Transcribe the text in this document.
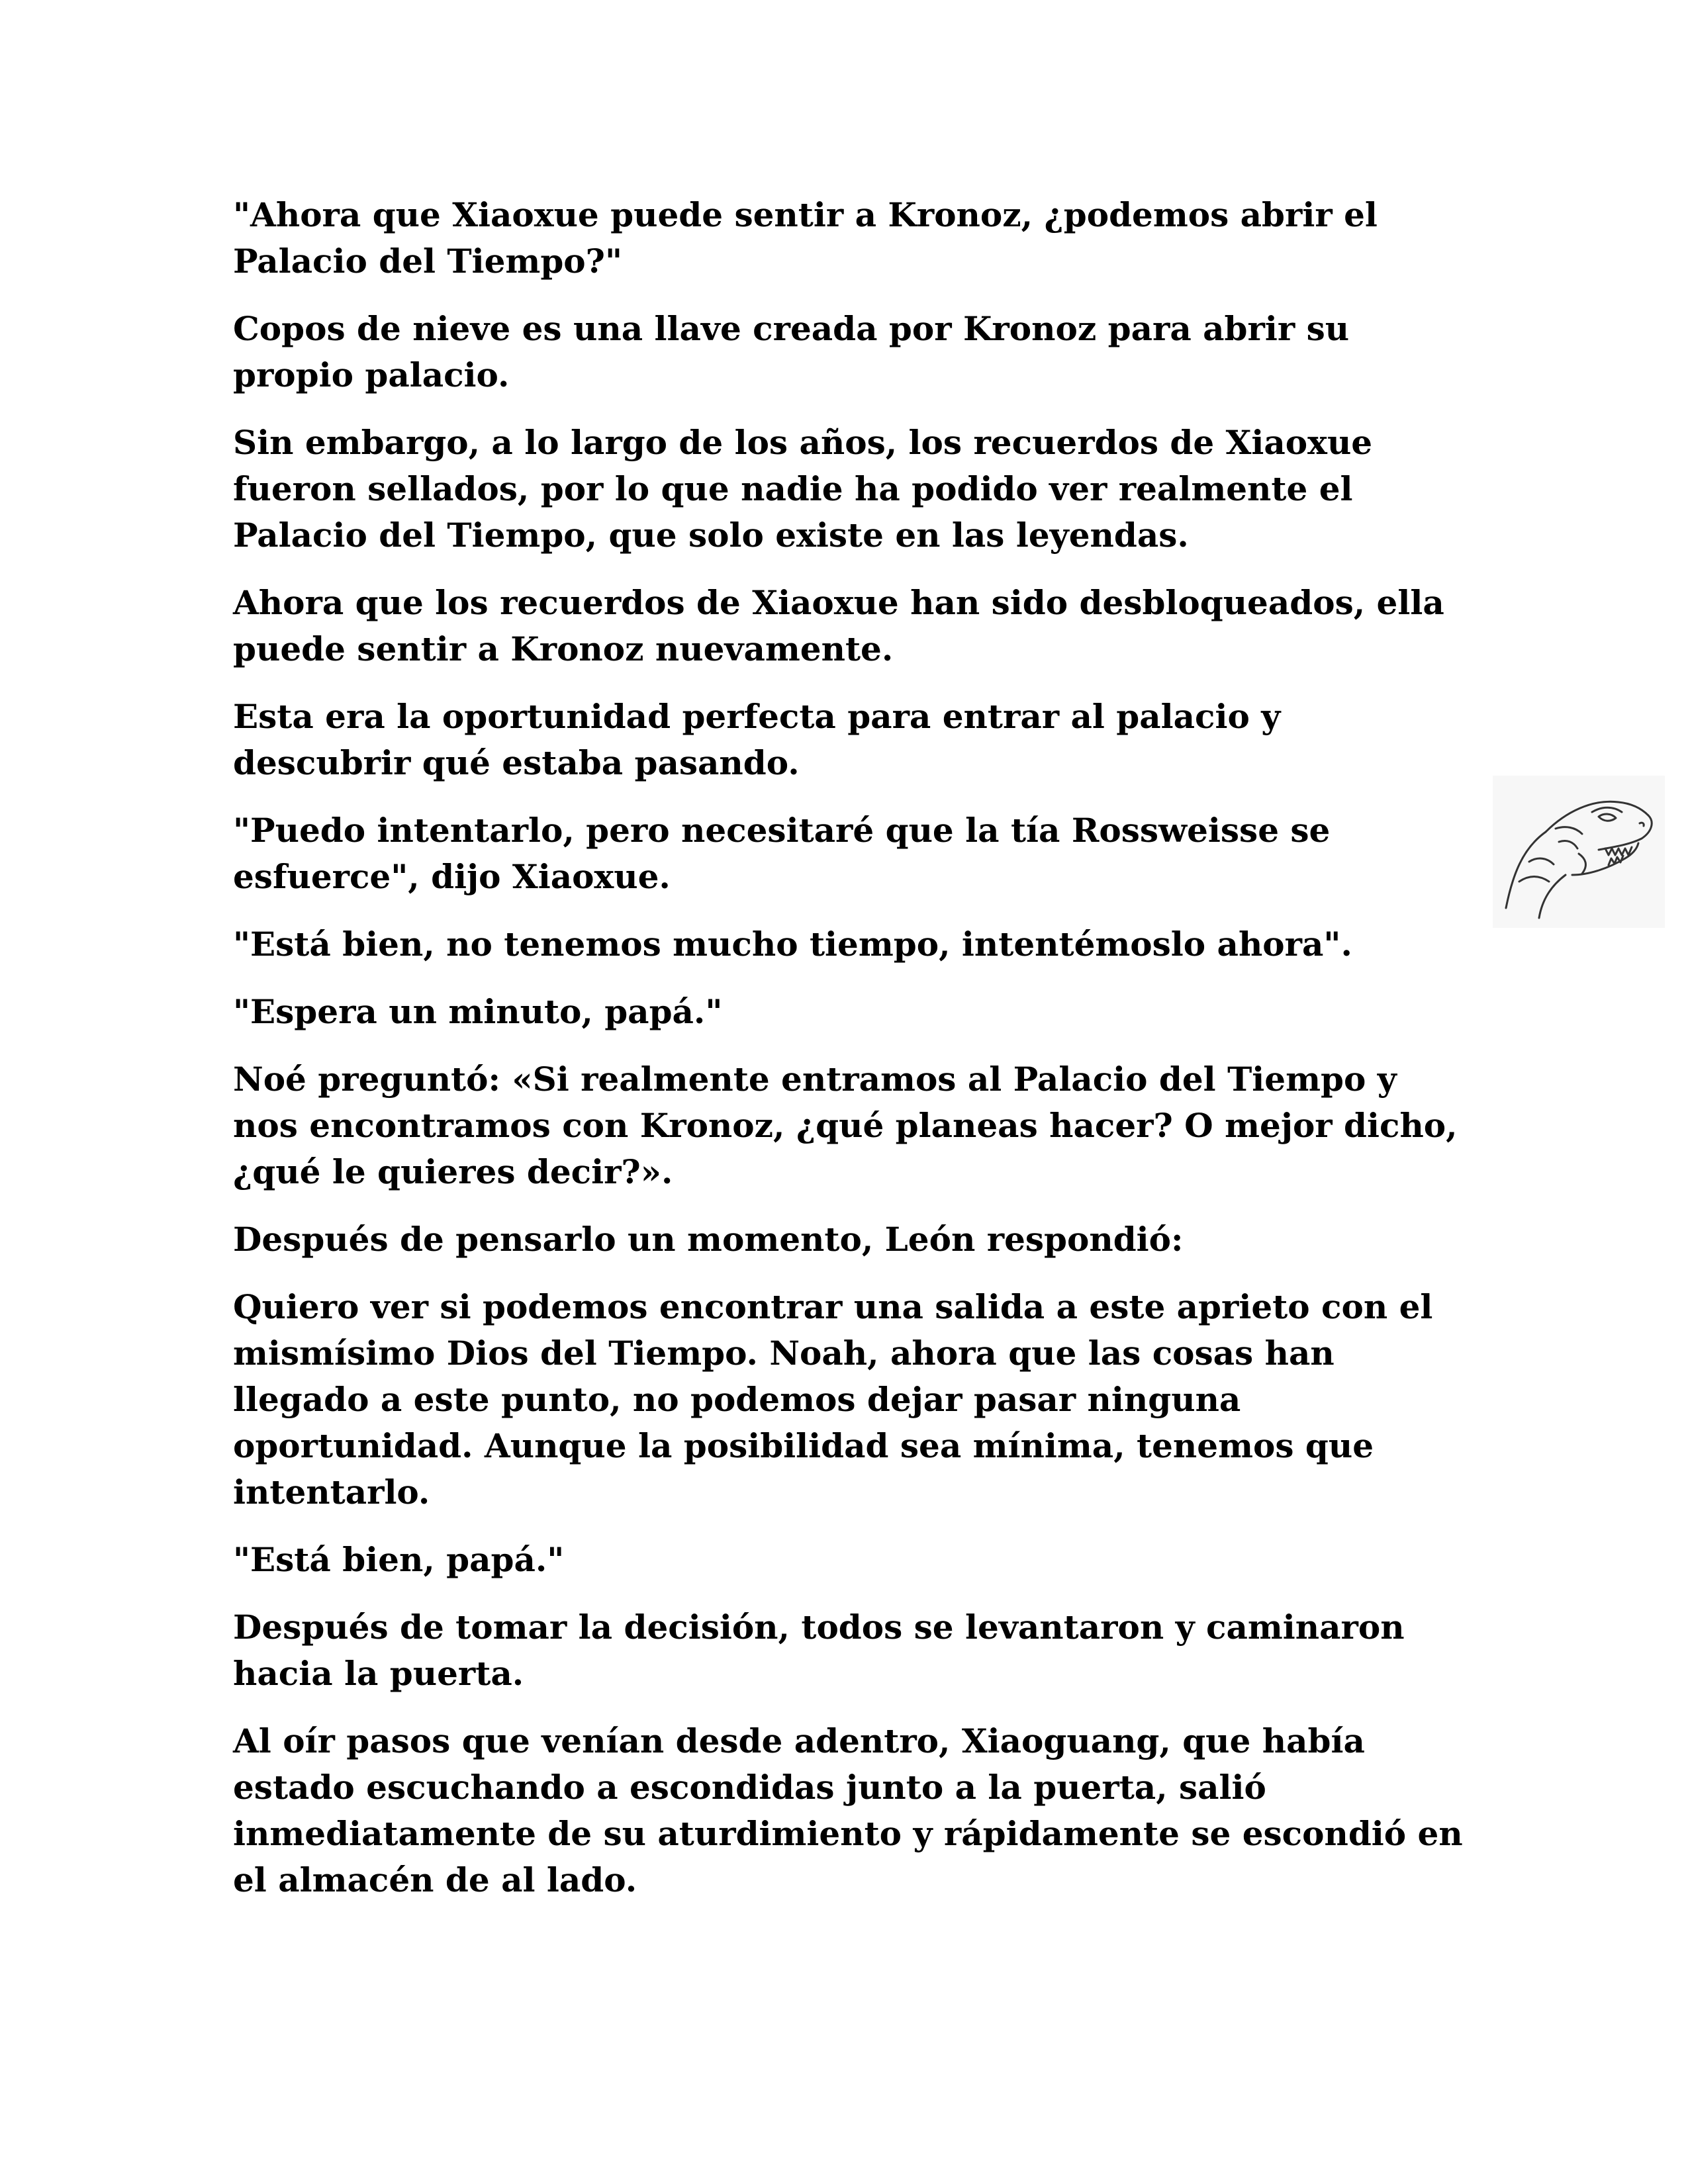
"Ahora que Xiaoxue puede sentir a Kronoz, ¿podemos abrir el Palacio del Tiempo?"

Copos de nieve es una llave creada por Kronoz para abrir su propio palacio.

Sin embargo, a lo largo de los años, los recuerdos de Xiaoxue fueron sellados, por lo que nadie ha podido ver realmente el Palacio del Tiempo, que solo existe en las leyendas.

Ahora que los recuerdos de Xiaoxue han sido desbloqueados, ella puede sentir a Kronoz nuevamente.

Esta era la oportunidad perfecta para entrar al palacio y descubrir qué estaba pasando.

"Puedo intentarlo, pero necesitaré que la tía Rossweisse se esfuerce", dijo Xiaoxue.

"Está bien, no tenemos mucho tiempo, intentémoslo ahora".

"Espera un minuto, papá."

Noé preguntó: «Si realmente entramos al Palacio del Tiempo y nos encontramos con Kronoz, ¿qué planeas hacer? O mejor dicho, ¿qué le quieres decir?».

Después de pensarlo un momento, León respondió:

Quiero ver si podemos encontrar una salida a este aprieto con el mismísimo Dios del Tiempo. Noah, ahora que las cosas han llegado a este punto, no podemos dejar pasar ninguna oportunidad. Aunque la posibilidad sea mínima, tenemos que intentarlo.

"Está bien, papá."

Después de tomar la decisión, todos se levantaron y caminaron hacia la puerta.

Al oír pasos que venían desde adentro, Xiaoguang, que había estado escuchando a escondidas junto a la puerta, salió inmediatamente de su aturdimiento y rápidamente se escondió en el almacén de al lado.
